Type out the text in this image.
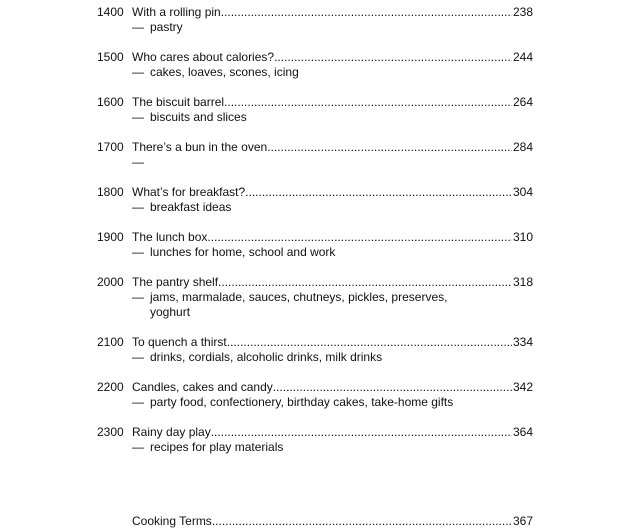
1400 With a rolling pin .....	238
— pastry
1500 Who cares about calories? .....	244
— cakes, loaves, scones, icing
1600 The biscuit barrel .....	264
— biscuits and slices
1700 There’s a bun in the oven .....	284
—
1800 What’s for breakfast? .....	304
— breakfast ideas
1900 The lunch box .....	310
— lunches for home, school and work
2000 The pantry shelf .....	318
— jams, marmalade, sauces, chutneys, pickles, preserves,
yoghurt
2100 To quench a thirst .....	334
— drinks, cordials, alcoholic drinks, milk drinks
2200 Candles, cakes and candy .....	342
— party food, confectionery, birthday cakes, take-home gifts
2300 Rainy day play .....	364
— recipes for play materials
Cooking Terms .....	367
